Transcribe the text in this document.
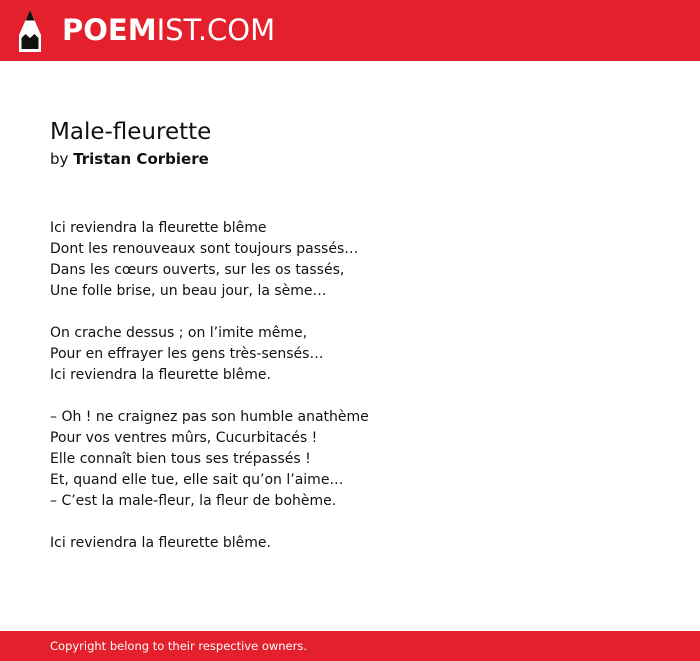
POEMIST.COM
Male-fleurette
by Tristan Corbiere
Ici reviendra la fleurette blême
Dont les renouveaux sont toujours passés…
Dans les cœurs ouverts, sur les os tassés,
Une folle brise, un beau jour, la sème…
On crache dessus ; on l’imite même,
Pour en effrayer les gens très-sensés…
Ici reviendra la fleurette blême.
– Oh ! ne craignez pas son humble anathème
Pour vos ventres mûrs, Cucurbitacés !
Elle connaît bien tous ses trépassés !
Et, quand elle tue, elle sait qu’on l’aime…
– C’est la male-fleur, la fleur de bohème.
Ici reviendra la fleurette blême.
Copyright belong to their respective owners.
